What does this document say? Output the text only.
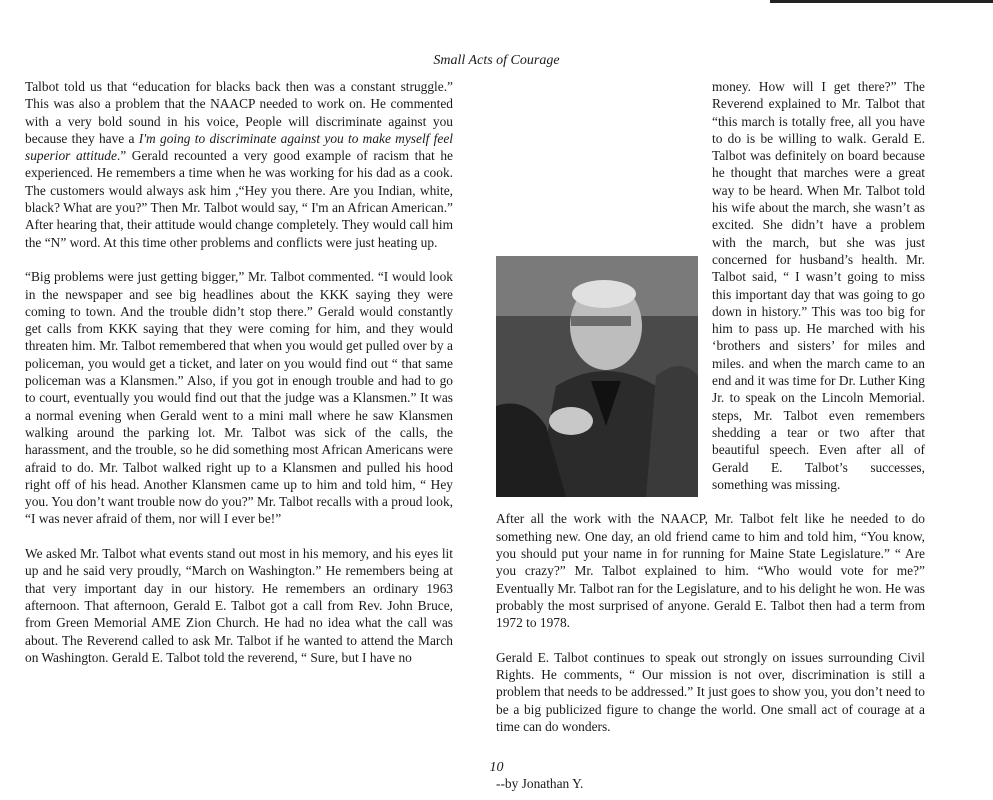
Small Acts of Courage

Talbot told us that “education for blacks back then was a constant struggle.” This was also a problem that the NAACP needed to work on. He commented with a very bold sound in his voice, People will discriminate against you because they have a I'm going to discriminate against you to make myself feel superior attitude.” Gerald recounted a very good example of racism that he experienced. He remembers a time when he was working for his dad as a cook. The customers would always ask him ,“Hey you there. Are you Indian, white, black? What are you?” Then Mr. Talbot would say, “ I'm an African American.” After hearing that, their attitude would change completely. They would call him the “N” word. At this time other problems and conflicts were just heating up.

“Big problems were just getting bigger,” Mr. Talbot commented. “I would look in the newspaper and see big headlines about the KKK saying they were coming to town. And the trouble didn’t stop there.” Gerald would constantly get calls from KKK saying that they were coming for him, and they would threaten him. Mr. Talbot remembered that when you would get pulled over by a policeman, you would get a ticket, and later on you would find out “ that same policeman was a Klansmen.” Also, if you got in enough trouble and had to go to court, eventually you would find out that the judge was a Klansmen.” It was a normal evening when Gerald went to a mini mall where he saw Klansmen walking around the parking lot. Mr. Talbot was sick of the calls, the harassment, and the trouble, so he did something most African Americans were afraid to do. Mr. Talbot walked right up to a Klansmen and pulled his hood right off of his head. Another Klansmen came up to him and told him, “ Hey you. You don’t want trouble now do you?” Mr. Talbot recalls with a proud look, “I was never afraid of them, nor will I ever be!”

We asked Mr. Talbot what events stand out most in his memory, and his eyes lit up and he said very proudly, “March on Washington.” He remembers being at that very important day in our history. He remembers an ordinary 1963 afternoon. That afternoon, Gerald E. Talbot got a call from Rev. John Bruce, from Green Memorial AME Zion Church. He had no idea what the call was about. The Reverend called to ask Mr. Talbot if he wanted to attend the March on Washington. Gerald E. Talbot told the reverend, “ Sure, but I have no

money. How will I get there?” The Reverend explained to Mr. Talbot that “this march is totally free, all you have to do is be willing to walk. Gerald E. Talbot was definitely on board because he thought that marches were a great way to be heard. When Mr. Talbot told his wife about the march, she wasn’t as excited. She didn’t have a problem with the march, but she was just concerned for husband’s health. Mr. Talbot said, “ I wasn’t going to miss this important day that was going to go down in history.” This was too big for him to pass up. He marched with his ‘brothers and sisters’ for miles and miles. and when the march came to an end and it was time for Dr. Luther King Jr. to speak on the Lincoln Memorial. steps, Mr. Talbot even remembers shedding a tear or two after that beautiful speech. Even after all of Gerald E. Talbot’s successes, something was missing.

After all the work with the NAACP, Mr. Talbot felt like he needed to do something new. One day, an old friend came to him and told him, “You know, you should put your name in for running for Maine State Legislature.” “ Are you crazy?” Mr. Talbot explained to him. “Who would vote for me?” Eventually Mr. Talbot ran for the Legislature, and to his delight he won. He was probably the most surprised of anyone. Gerald E. Talbot then had a term from 1972 to 1978.

Gerald E. Talbot continues to speak out strongly on issues surrounding Civil Rights. He comments, “ Our mission is not over, discrimination is still a problem that needs to be addressed.” It just goes to show you, you don’t need to be a big publicized figure to change the world. One small act of courage at a time can do wonders.

--by Jonathan Y.

10
